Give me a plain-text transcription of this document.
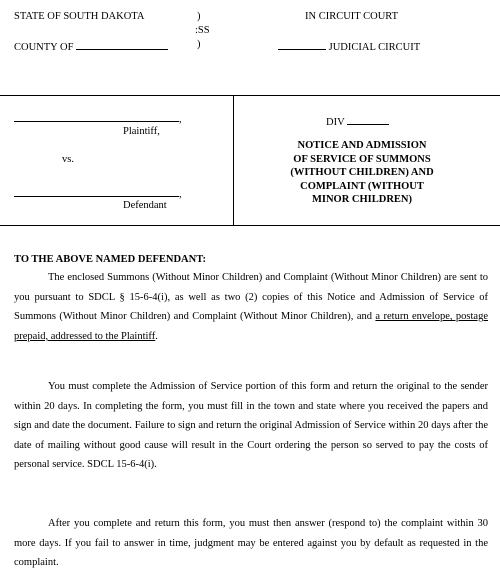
STATE OF SOUTH DAKOTA	)	IN CIRCUIT COURT
:SS
COUNTY OF	)	JUDICIAL CIRCUIT
,
Plaintiff,
vs.
,
Defendant
DIV
NOTICE AND ADMISSION
OF SERVICE OF SUMMONS
(WITHOUT CHILDREN) AND
COMPLAINT (WITHOUT
MINOR CHILDREN)
TO THE ABOVE NAMED DEFENDANT:
The enclosed Summons (Without Minor Children) and Complaint (Without Minor Children) are sent to you pursuant to SDCL § 15-6-4(i), as well as two (2) copies of this Notice and Admission of Service of Summons (Without Minor Children) and Complaint (Without Minor Children), and a return envelope, postage prepaid, addressed to the Plaintiff.
You must complete the Admission of Service portion of this form and return the original to the sender within 20 days. In completing the form, you must fill in the town and state where you received the papers and sign and date the document. Failure to sign and return the original Admission of Service within 20 days after the date of mailing without good cause will result in the Court ordering the person so served to pay the costs of personal service. SDCL 15-6-4(i).
After you complete and return this form, you must then answer (respond to) the complaint within 30 more days. If you fail to answer in time, judgment may be entered against you by default as requested in the complaint.
